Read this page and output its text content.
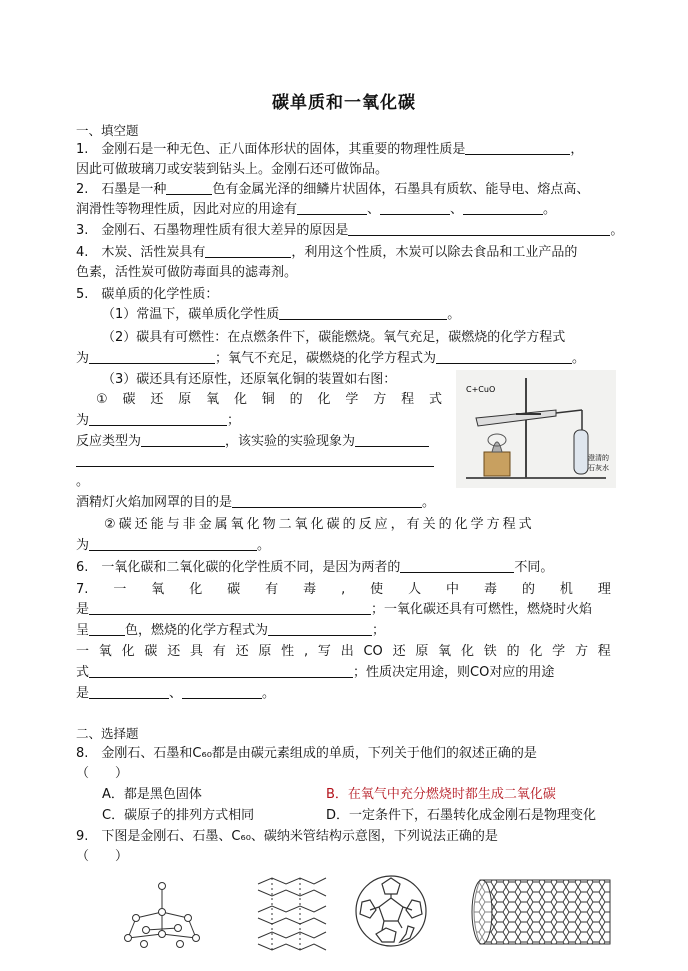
碳单质和一氧化碳
一、填空题
1.　金刚石是一种无色、正八面体形状的固体，其重要的物理性质是	，
因此可做玻璃刀或安装到钻头上。金刚石还可做饰品。
2.　石墨是一种	色有金属光泽的细鳞片状固体，石墨具有质软、能导电、熔点高、
润滑性等物理性质，因此对应的用途有	、	、	。
3.　金刚石、石墨物理性质有很大差异的原因是	。
4.　木炭、活性炭具有	，利用这个性质，木炭可以除去食品和工业产品的
色素，活性炭可做防毒面具的滤毒剂。
5.　碳单质的化学性质：
（1）常温下，碳单质化学性质	。
（2）碳具有可燃性：在点燃条件下，碳能燃烧。氧气充足，碳燃烧的化学方程式
为	；氧气不充足，碳燃烧的化学方程式为	。
（3）碳还具有还原性，还原氧化铜的装置如右图：
① 碳 还 原 氧 化 铜 的 化 学 方 程 式
为	；
反应类型为	，该实验的实验现象为
。
酒精灯火焰加网罩的目的是	。
②碳还能与非金属氧化物二氧化碳的反应，有关的化学方程式
为	。
C+CuO
澄清的
石灰水
6.　一氧化碳和二氧化碳的化学性质不同，是因为两者的	不同。
7. 一 氧 化 碳 有 毒 , 使 人 中 毒 的 机 理
是	；一氧化碳还具有可燃性，燃烧时火焰
呈	色，燃烧的化学方程式为	；
一 氧 化 碳 还 具 有 还 原 性 , 写 出 CO 还 原 氧 化 铁 的 化 学 方 程
式	；性质决定用途，则CO对应的用途
是	、	。
二、选择题
8.　金刚石、石墨和C₆₀都是由碳元素组成的单质，下列关于他们的叙述正确的是
（　　）
A．都是黑色固体	B．在氧气中充分燃烧时都生成二氧化碳
C．碳原子的排列方式相同	D．一定条件下，石墨转化成金刚石是物理变化
9.　下图是金刚石、石墨、C₆₀、碳纳米管结构示意图，下列说法正确的是
（　　）
